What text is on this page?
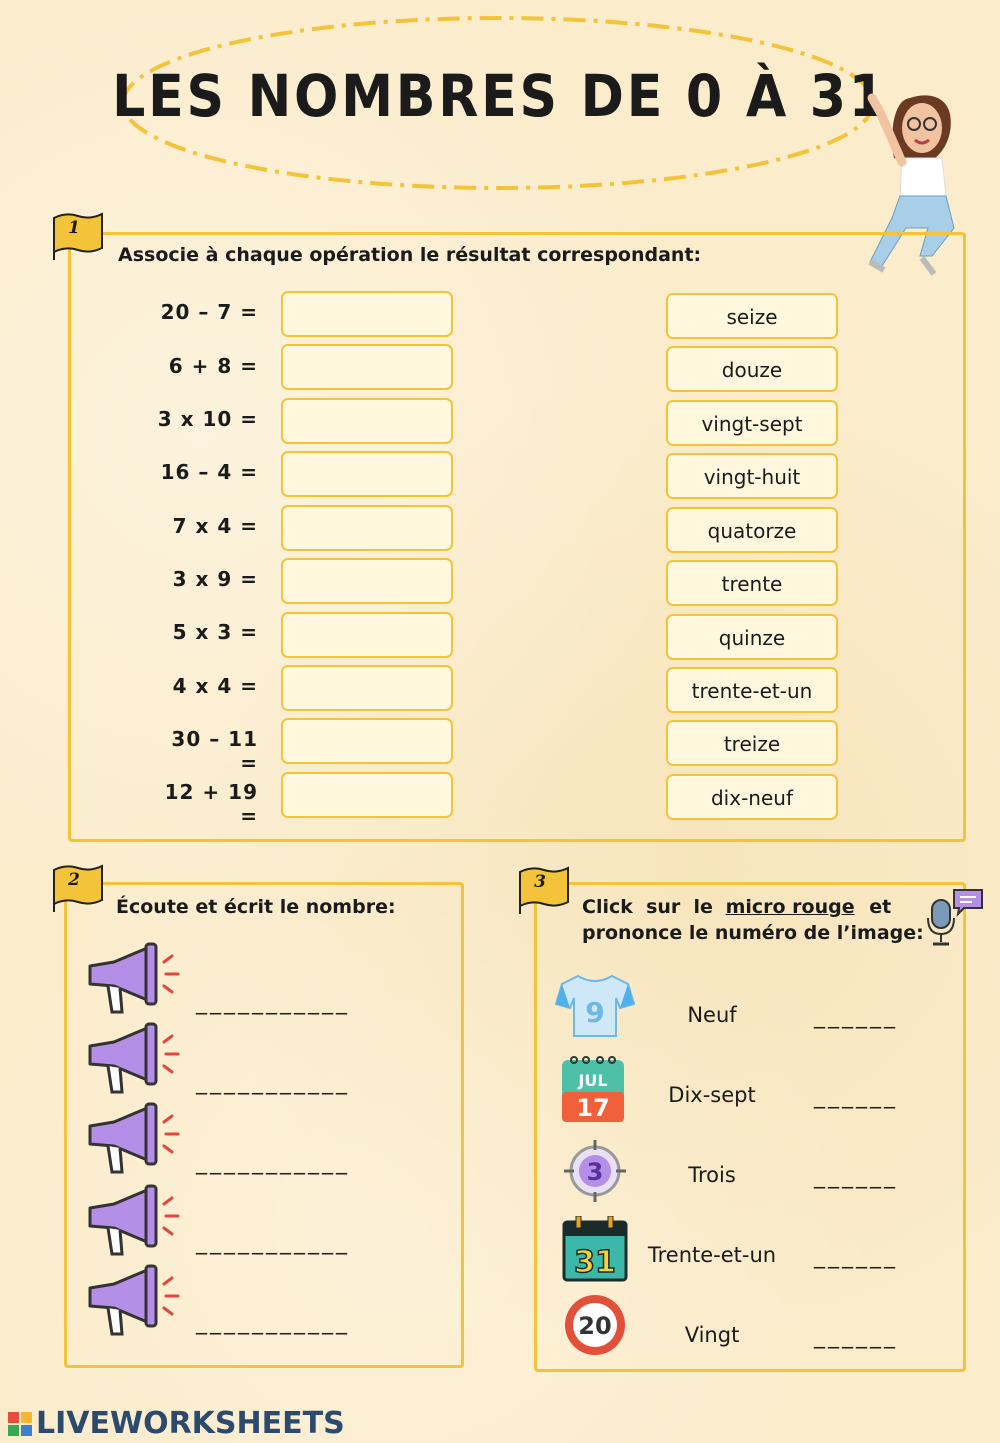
LES NOMBRES DE 0 À 31
1
Associe à chaque opération le résultat correspondant:
20 – 7 =
6 + 8 =
3 x 10 =
16 – 4 =
7 x 4 =
3 x 9 =
5 x 3 =
4 x 4 =
30 – 11 =
12 + 19 =
seize
douze
vingt-sept
vingt-huit
quatorze
trente
quinze
trente-et-un
treize
dix-neuf
2
Écoute et écrit le nombre:
___________
___________
___________
___________
___________
3
Click  sur  le micro rouge et
prononce le numéro de l’image:
9	Neuf	______
JUL
17	Dix-sept	______
3	Trois	______
31	Trente-et-un	______
20	Vingt	______
LIVEWORKSHEETS
